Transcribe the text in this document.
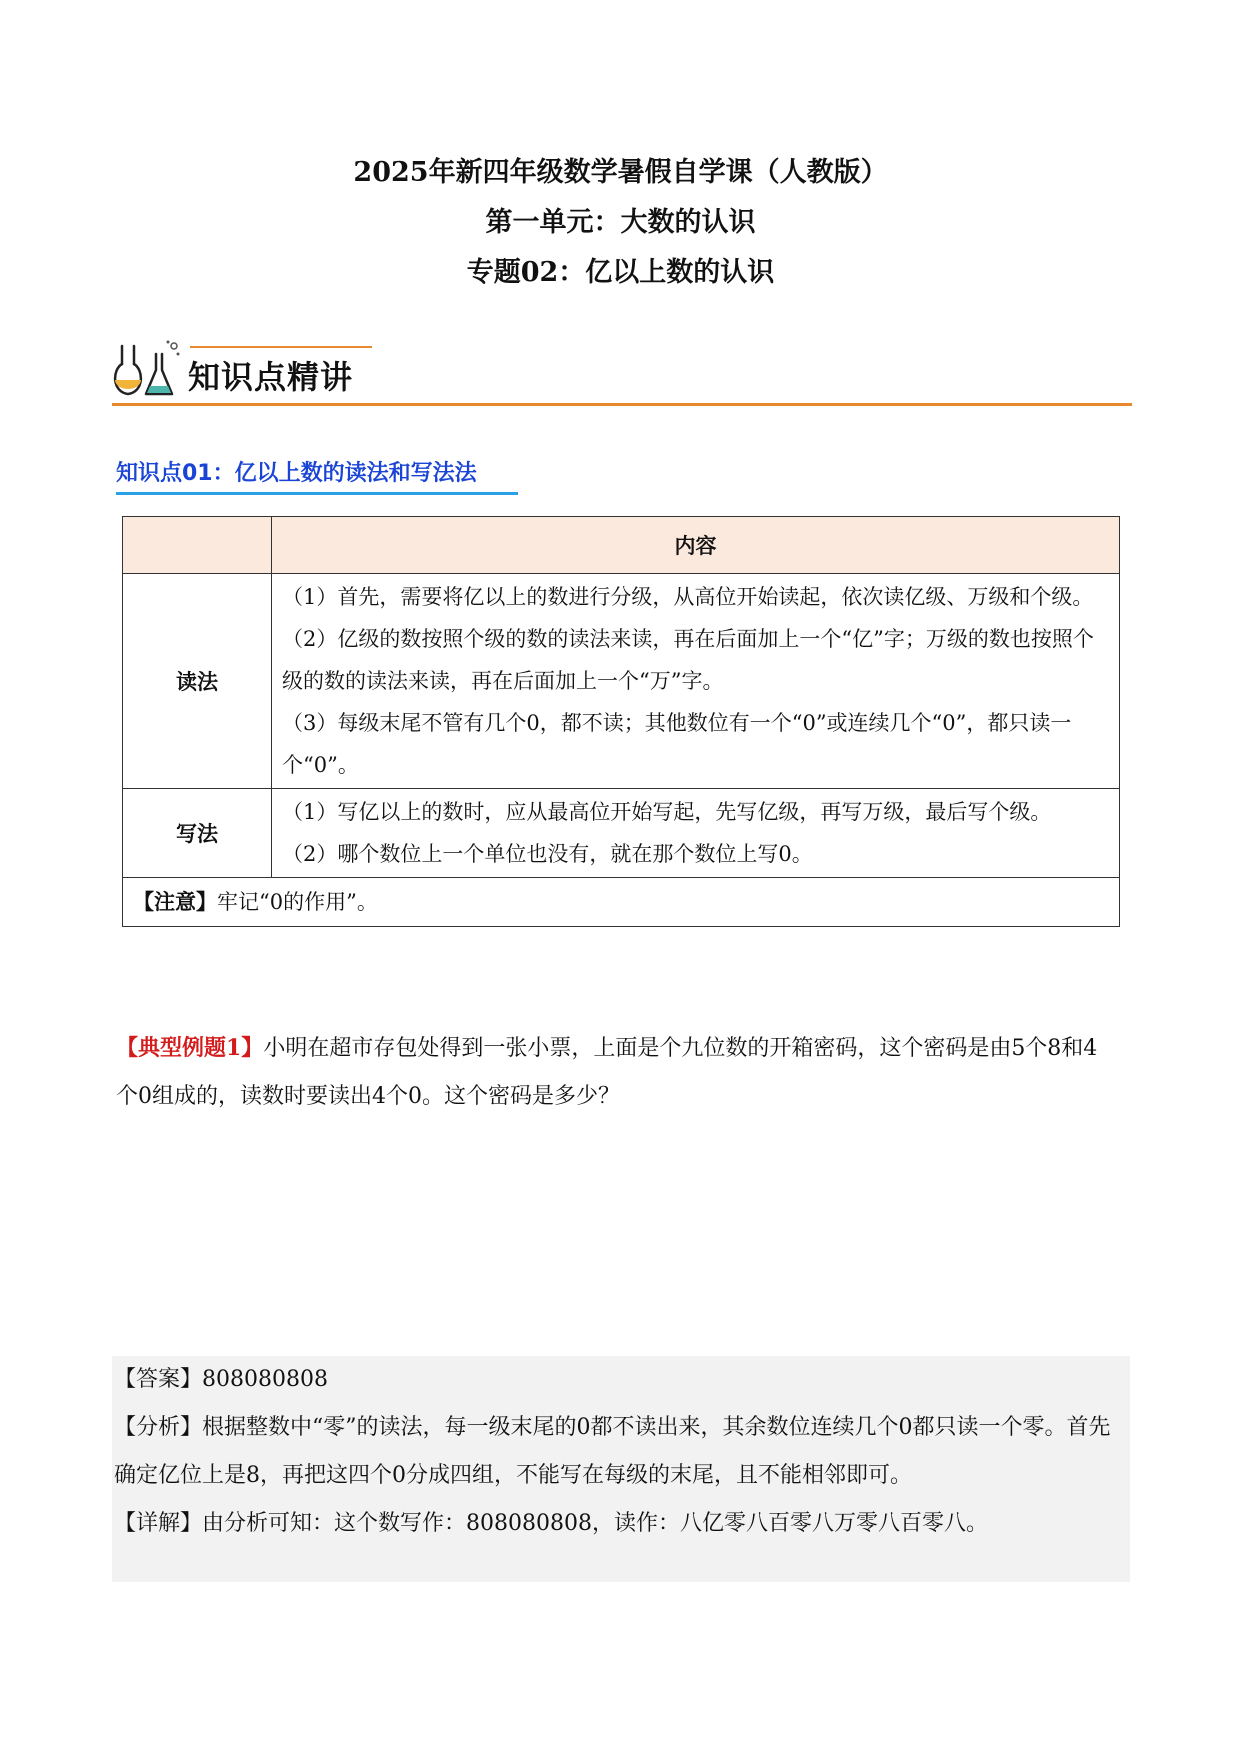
2025年新四年级数学暑假自学课（人教版）
第一单元：大数的认识
专题02：亿以上数的认识
知识点精讲
知识点01：亿以上数的读法和写法法
	内容
读法	（1）首先，需要将亿以上的数进行分级，从高位开始读起，依次读亿级、万级和个级。

（2）亿级的数按照个级的数的读法来读，再在后面加上一个“亿”字；万级的数也按照个级的数的读法来读，再在后面加上一个“万”字。

（3）每级末尾不管有几个0，都不读；其他数位有一个“0”或连续几个“0”，都只读一个“0”。

写法	（1）写亿以上的数时，应从最高位开始写起，先写亿级，再写万级，最后写个级。

（2）哪个数位上一个单位也没有，就在那个数位上写0。

【注意】牢记“0的作用”。	
【典型例题1】小明在超市存包处得到一张小票，上面是个九位数的开箱密码，这个密码是由5个8和4个0组成的，读数时要读出4个0。这个密码是多少？

【答案】808080808

【分析】根据整数中“零”的读法，每一级末尾的0都不读出来，其余数位连续几个0都只读一个零。首先确定亿位上是8，再把这四个0分成四组，不能写在每级的末尾，且不能相邻即可。

【详解】由分析可知：这个数写作：808080808，读作：八亿零八百零八万零八百零八。
